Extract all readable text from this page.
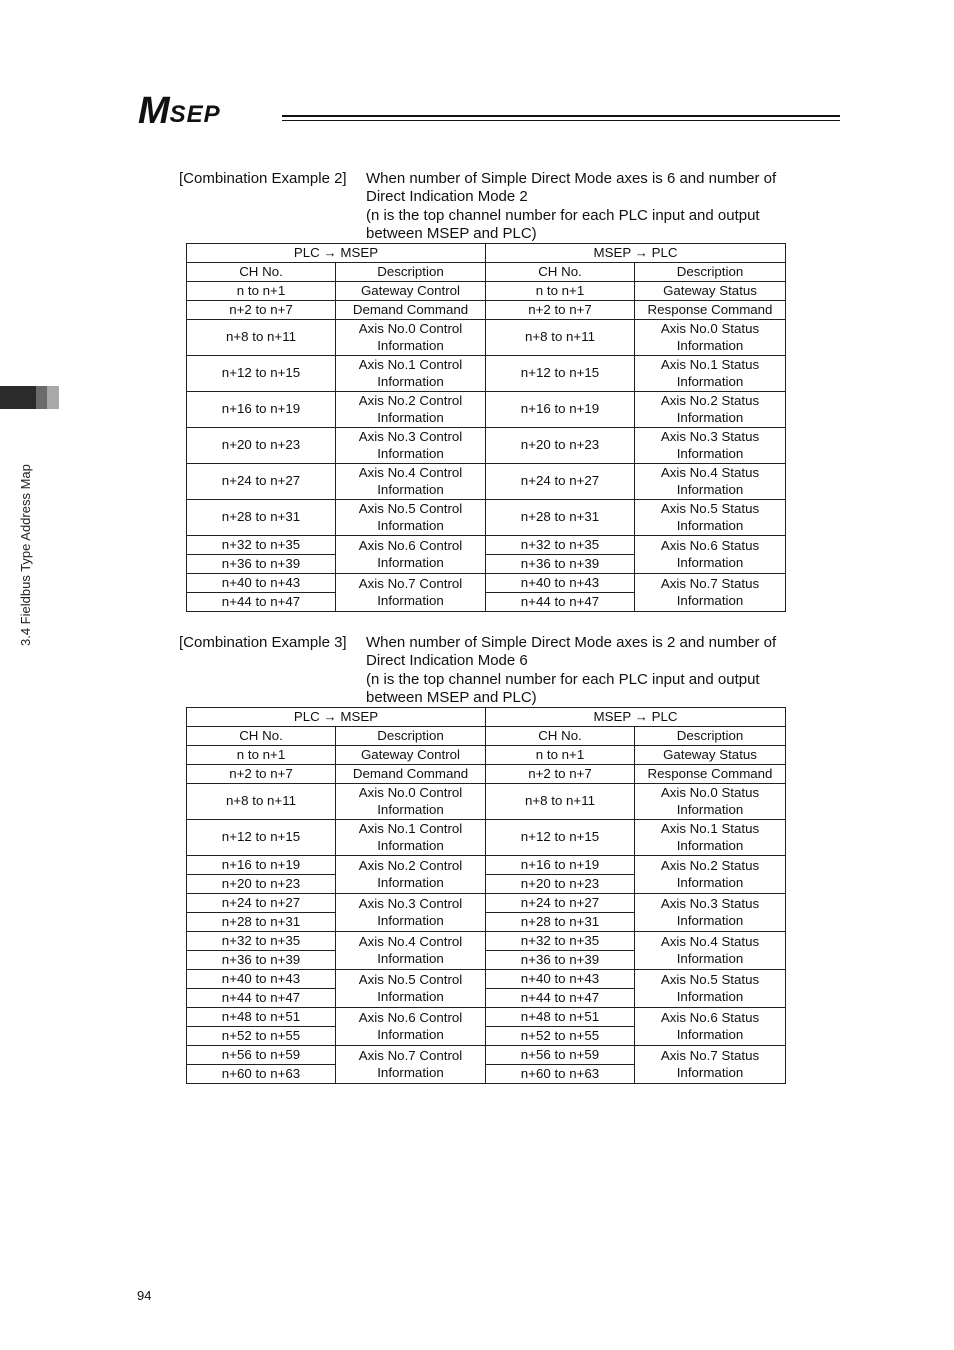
M SEP
3.4 Fieldbus Type Address Map
[Combination Example 2] When number of Simple Direct Mode axes is 6 and number of
Direct Indication Mode 2
(n is the top channel number for each PLC input and output
between MSEP and PLC)
PLC → MSEP		MSEP → PLC	
CH No.	Description	CH No.	Description
n to n+1	Gateway Control	n to n+1	Gateway Status
n+2 to n+7	Demand Command	n+2 to n+7	Response Command
n+8 to n+11	Axis No.0 Control Information	n+8 to n+11	Axis No.0 Status Information
n+12 to n+15	Axis No.1 Control Information	n+12 to n+15	Axis No.1 Status Information
n+16 to n+19	Axis No.2 Control Information	n+16 to n+19	Axis No.2 Status Information
n+20 to n+23	Axis No.3 Control Information	n+20 to n+23	Axis No.3 Status Information
n+24 to n+27	Axis No.4 Control Information	n+24 to n+27	Axis No.4 Status Information
n+28 to n+31	Axis No.5 Control Information	n+28 to n+31	Axis No.5 Status Information
n+32 to n+35	Axis No.6 Control Information	n+32 to n+35	Axis No.6 Status Information
n+36 to n+39		n+36 to n+39	
n+40 to n+43	Axis No.7 Control Information	n+40 to n+43	Axis No.7 Status Information
n+44 to n+47		n+44 to n+47	
[Combination Example 3] When number of Simple Direct Mode axes is 2 and number of
Direct Indication Mode 6
(n is the top channel number for each PLC input and output
between MSEP and PLC)
PLC → MSEP		MSEP → PLC	
CH No.	Description	CH No.	Description
n to n+1	Gateway Control	n to n+1	Gateway Status
n+2 to n+7	Demand Command	n+2 to n+7	Response Command
n+8 to n+11	Axis No.0 Control Information	n+8 to n+11	Axis No.0 Status Information
n+12 to n+15	Axis No.1 Control Information	n+12 to n+15	Axis No.1 Status Information
n+16 to n+19	Axis No.2 Control Information	n+16 to n+19	Axis No.2 Status Information
n+20 to n+23		n+20 to n+23	
n+24 to n+27	Axis No.3 Control Information	n+24 to n+27	Axis No.3 Status Information
n+28 to n+31		n+28 to n+31	
n+32 to n+35	Axis No.4 Control Information	n+32 to n+35	Axis No.4 Status Information
n+36 to n+39		n+36 to n+39	
n+40 to n+43	Axis No.5 Control Information	n+40 to n+43	Axis No.5 Status Information
n+44 to n+47		n+44 to n+47	
n+48 to n+51	Axis No.6 Control Information	n+48 to n+51	Axis No.6 Status Information
n+52 to n+55		n+52 to n+55	
n+56 to n+59	Axis No.7 Control Information	n+56 to n+59	Axis No.7 Status Information
n+60 to n+63		n+60 to n+63	
94
